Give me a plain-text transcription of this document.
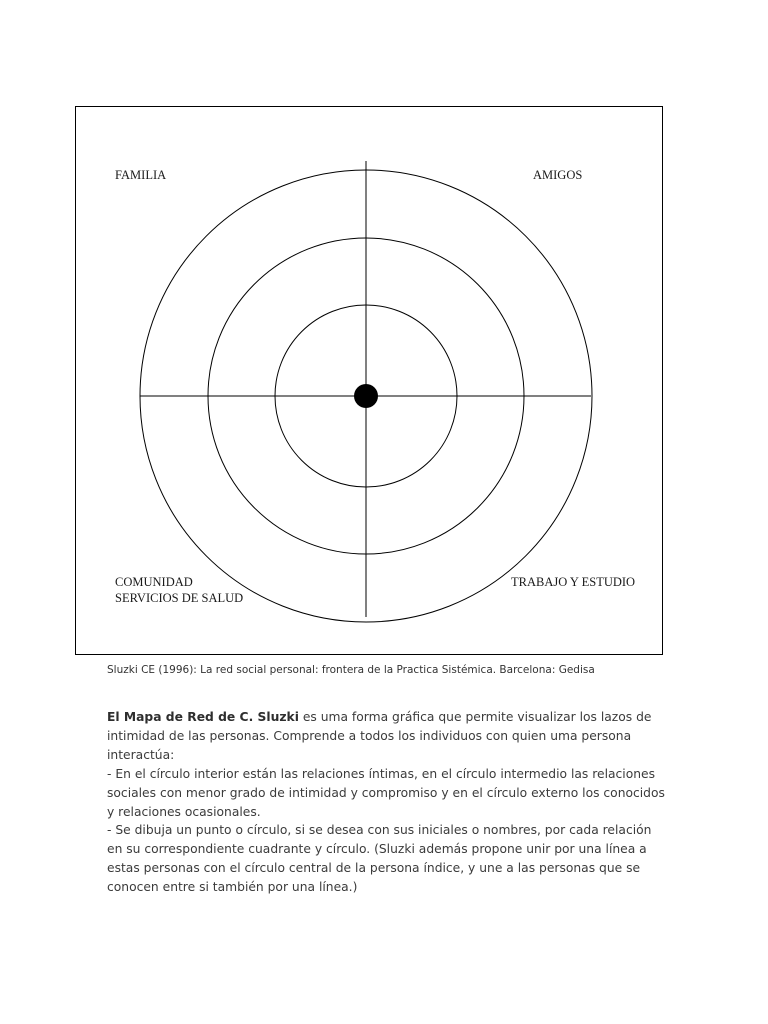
FAMILIA	AMIGOS
COMUNIDAD
SERVICIOS DE SALUD
TRABAJO Y ESTUDIO
Sluzki CE (1996): La red social personal: frontera de la Practica Sistémica. Barcelona: Gedisa

El Mapa de Red de C. Sluzki es uma forma gráfica que permite visualizar los lazos de intimidad de las personas. Comprende a todos los individuos con quien uma persona interactúa:

- En el círculo interior están las relaciones íntimas, en el círculo intermedio las relaciones sociales con menor grado de intimidad y compromiso y en el círculo externo los conocidos y relaciones ocasionales.

- Se dibuja un punto o círculo, si se desea con sus iniciales o nombres, por cada relación en su correspondiente cuadrante y círculo. (Sluzki además propone unir por una línea a estas personas con el círculo central de la persona índice, y une a las personas que se conocen entre si también por una línea.)
